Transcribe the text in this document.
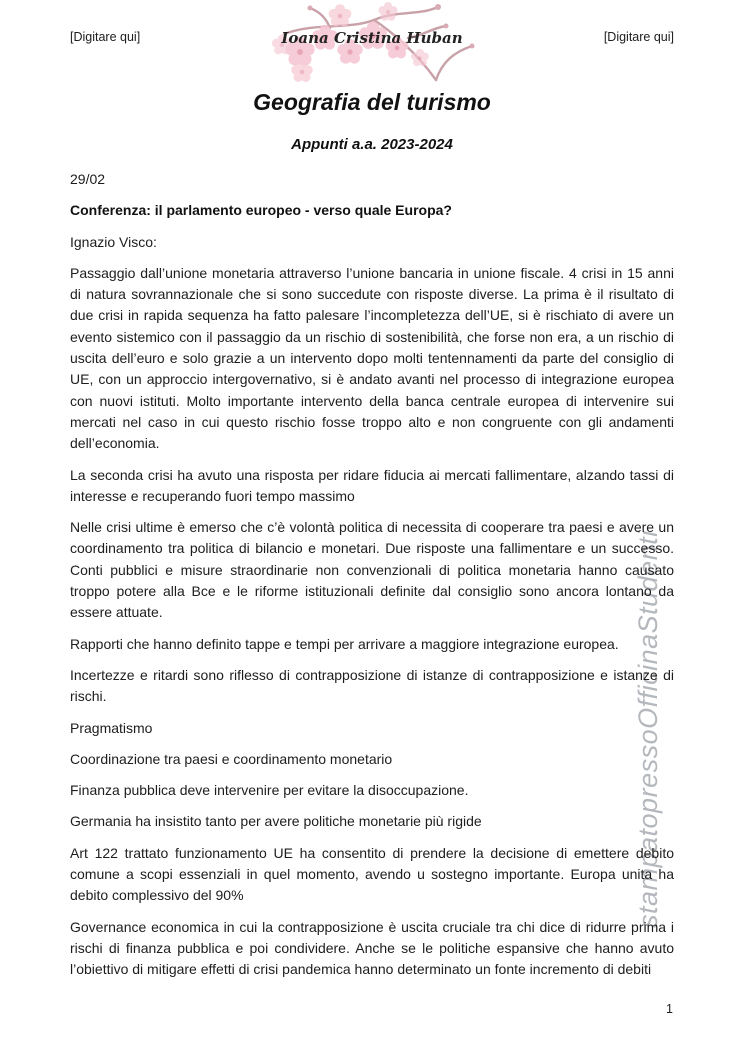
stampatopressoOfficinaStudenti
[Digitare qui]	Ioana Cristina Huban	[Digitare qui]
Geografia del turismo
Appunti a.a. 2023-2024

29/02

Conferenza: il parlamento europeo - verso quale Europa?

Ignazio Visco:

Passaggio dall’unione monetaria attraverso l’unione bancaria in unione fiscale. 4 crisi in 15 anni di natura sovrannazionale che si sono succedute con risposte diverse. La prima è il risultato di due crisi in rapida sequenza ha fatto palesare l’incompletezza dell’UE, si è rischiato di avere un evento sistemico con il passaggio da un rischio di sostenibilità, che forse non era, a un rischio di uscita dell’euro e solo grazie a un intervento dopo molti tentennamenti da parte del consiglio di UE, con un approccio intergovernativo, si è andato avanti nel processo di integrazione europea con nuovi istituti. Molto importante intervento della banca centrale europea di intervenire sui mercati nel caso in cui questo rischio fosse troppo alto e non congruente con gli andamenti dell’economia.

La seconda crisi ha avuto una risposta per ridare fiducia ai mercati fallimentare, alzando tassi di interesse e recuperando fuori tempo massimo

Nelle crisi ultime è emerso che c’è volontà politica di necessita di cooperare tra paesi e avere un coordinamento tra politica di bilancio e monetari. Due risposte una fallimentare e un successo. Conti pubblici e misure straordinarie non convenzionali di politica monetaria hanno causato troppo potere alla Bce e le riforme istituzionali definite dal consiglio sono ancora lontano da essere attuate.

Rapporti che hanno definito tappe e tempi per arrivare a maggiore integrazione europea.

Incertezze e ritardi sono riflesso di contrapposizione di istanze di contrapposizione e istanze di rischi.

Pragmatismo

Coordinazione tra paesi e coordinamento monetario

Finanza pubblica deve intervenire per evitare la disoccupazione.

Germania ha insistito tanto per avere politiche monetarie più rigide

Art 122 trattato funzionamento UE ha consentito di prendere la decisione di emettere debito comune a scopi essenziali in quel momento, avendo u sostegno importante. Europa unita ha debito complessivo del 90%

Governance economica in cui la contrapposizione è uscita cruciale tra chi dice di ridurre prima i rischi di finanza pubblica e poi condividere. Anche se le politiche espansive che hanno avuto l’obiettivo di mitigare effetti di crisi pandemica hanno determinato un fonte incremento di debiti

1
